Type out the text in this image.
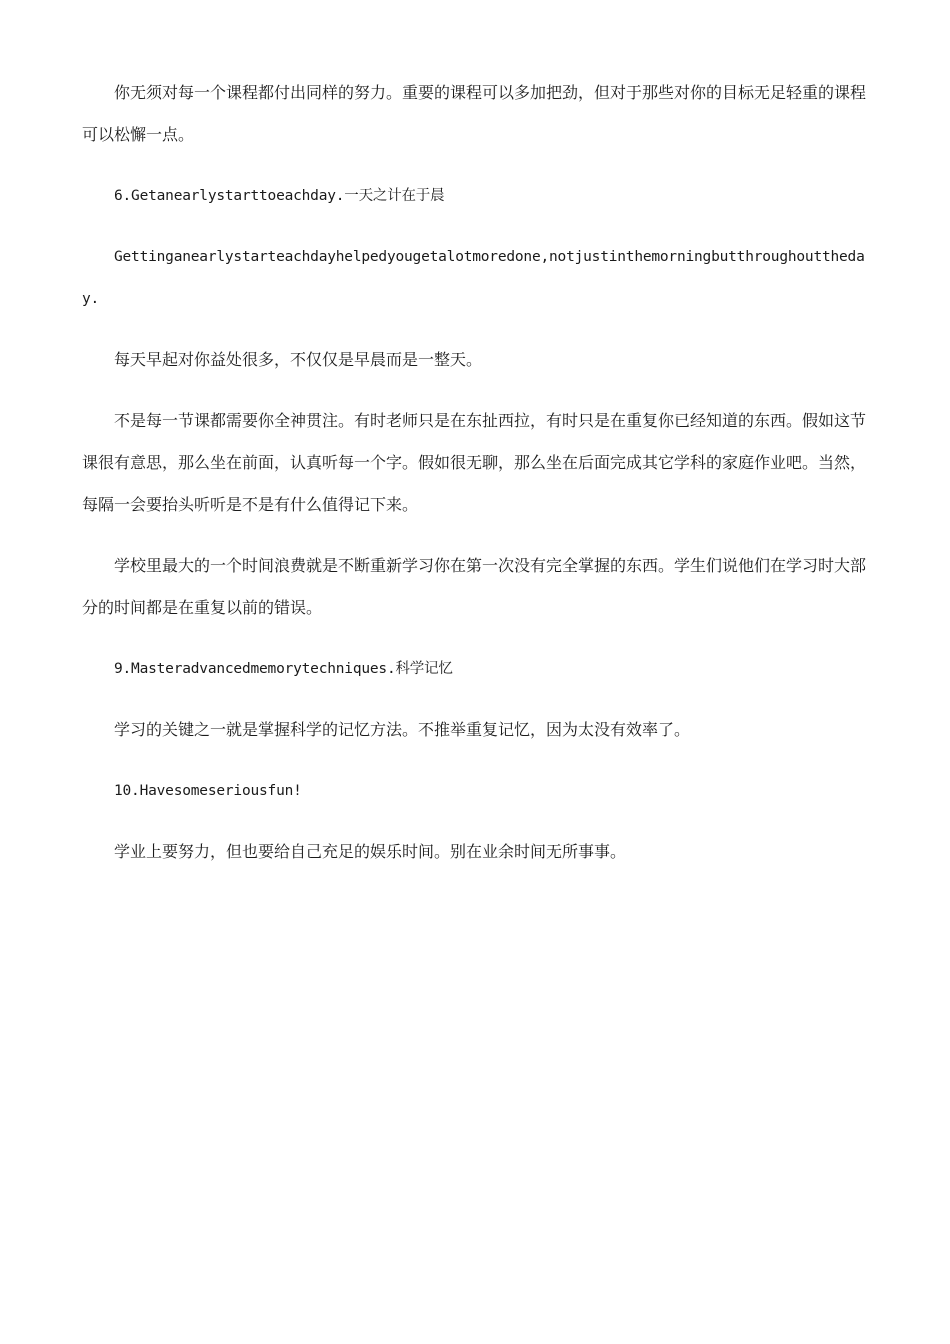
你无须对每一个课程都付出同样的努力。重要的课程可以多加把劲，但对于那些对你的目标无足轻重的课程可以松懈一点。

6.Getanearlystarttoeachday.一天之计在于晨

Gettinganearlystarteachdayhelpedyougetalotmoredone,notjustinthemorningbutthroughouttheday.

每天早起对你益处很多，不仅仅是早晨而是一整天。

不是每一节课都需要你全神贯注。有时老师只是在东扯西拉，有时只是在重复你已经知道的东西。假如这节课很有意思，那么坐在前面，认真听每一个字。假如很无聊，那么坐在后面完成其它学科的家庭作业吧。当然，每隔一会要抬头听听是不是有什么值得记下来。

学校里最大的一个时间浪费就是不断重新学习你在第一次没有完全掌握的东西。学生们说他们在学习时大部分的时间都是在重复以前的错误。

9.Masteradvancedmemorytechniques.科学记忆

学习的关键之一就是掌握科学的记忆方法。不推举重复记忆，因为太没有效率了。

10.Havesomeseriousfun!

学业上要努力，但也要给自己充足的娱乐时间。别在业余时间无所事事。
